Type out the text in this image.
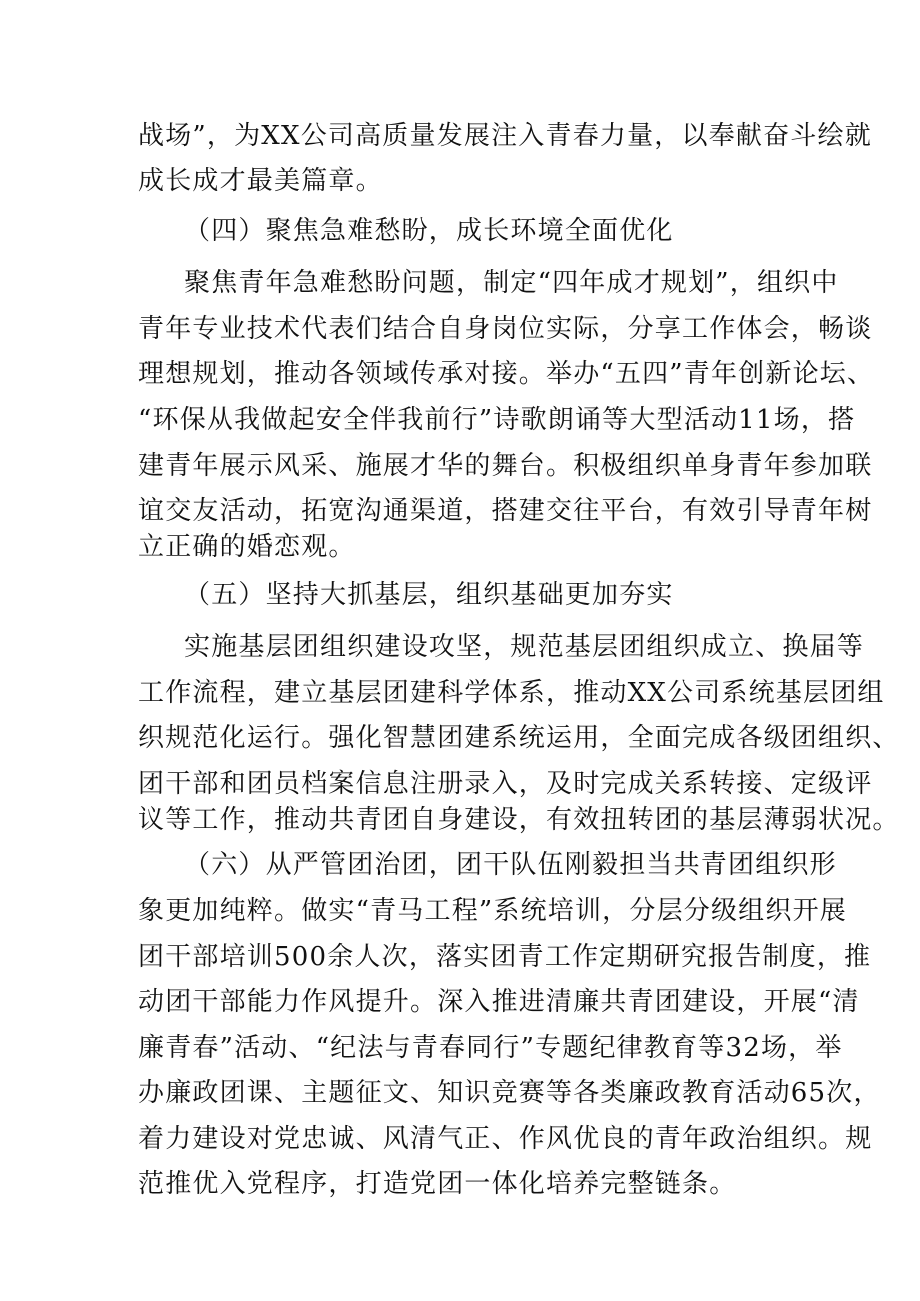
战场”，为XX公司高质量发展注入青春力量，以奉献奋斗绘就
成长成才最美篇章。
（四）聚焦急难愁盼，成长环境全面优化
聚焦青年急难愁盼问题，制定“四年成才规划”，组织中
青年专业技术代表们结合自身岗位实际，分享工作体会，畅谈
理想规划，推动各领域传承对接。举办“五四”青年创新论坛、
“环保从我做起安全伴我前行”诗歌朗诵等大型活动11场，搭
建青年展示风采、施展才华的舞台。积极组织单身青年参加联
谊交友活动，拓宽沟通渠道，搭建交往平台，有效引导青年树
立正确的婚恋观。
（五）坚持大抓基层，组织基础更加夯实
实施基层团组织建设攻坚，规范基层团组织成立、换届等
工作流程，建立基层团建科学体系，推动XX公司系统基层团组
织规范化运行。强化智慧团建系统运用，全面完成各级团组织、
团干部和团员档案信息注册录入，及时完成关系转接、定级评
议等工作，推动共青团自身建设，有效扭转团的基层薄弱状况。
（六）从严管团治团，团干队伍刚毅担当共青团组织形
象更加纯粹。做实“青马工程”系统培训，分层分级组织开展
团干部培训500余人次，落实团青工作定期研究报告制度，推
动团干部能力作风提升。深入推进清廉共青团建设，开展“清
廉青春”活动、“纪法与青春同行”专题纪律教育等32场，举
办廉政团课、主题征文、知识竞赛等各类廉政教育活动65次，
着力建设对党忠诚、风清气正、作风优良的青年政治组织。规
范推优入党程序，打造党团一体化培养完整链条。
